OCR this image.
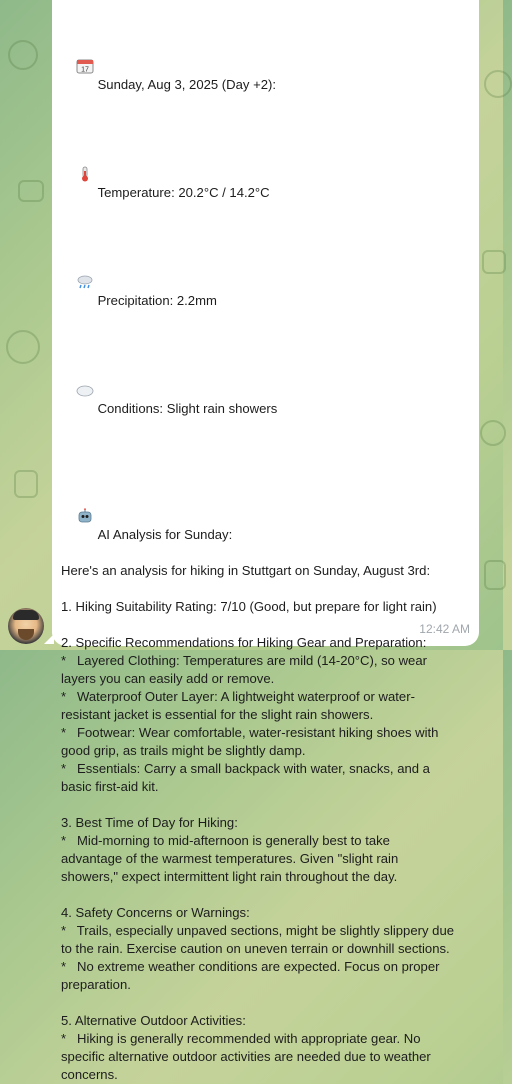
17

Sunday, Aug 3, 2025 (Day +2):

Temperature: 20.2°C / 14.2°C

Precipitation: 2.2mm

Conditions: Slight rain showers

AI Analysis for Sunday:

Here's an analysis for hiking in Stuttgart on Sunday, August 3rd:
1. Hiking Suitability Rating: 7/10 (Good, but prepare for light rain)
2. Specific Recommendations for Hiking Gear and Preparation:
*   Layered Clothing: Temperatures are mild (14-20°C), so wear
layers you can easily add or remove.
*   Waterproof Outer Layer: A lightweight waterproof or water-
resistant jacket is essential for the slight rain showers.
*   Footwear: Wear comfortable, water-resistant hiking shoes with
good grip, as trails might be slightly damp.
*   Essentials: Carry a small backpack with water, snacks, and a
basic first-aid kit.
3. Best Time of Day for Hiking:
*   Mid-morning to mid-afternoon is generally best to take
advantage of the warmest temperatures. Given "slight rain
showers," expect intermittent light rain throughout the day.
4. Safety Concerns or Warnings:
*   Trails, especially unpaved sections, might be slightly slippery due
to the rain. Exercise caution on uneven terrain or downhill sections.
*   No extreme weather conditions are expected. Focus on proper
preparation.
5. Alternative Outdoor Activities:
*   Hiking is generally recommended with appropriate gear. No
specific alternative outdoor activities are needed due to weather
concerns.
12:42 AM
